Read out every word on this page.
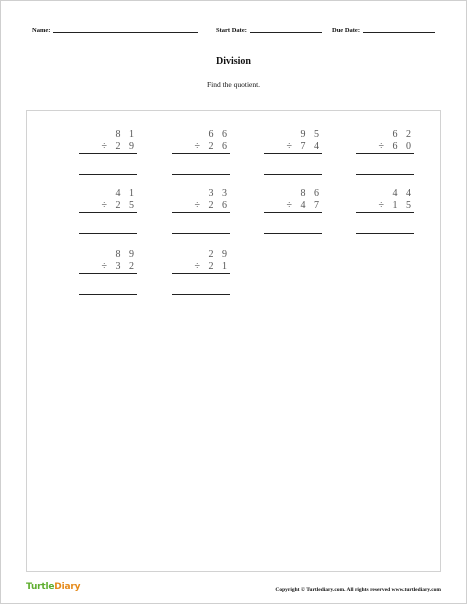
Name:	Start Date:	Due Date:
Division
Find the quotient.
8 1
÷ 2 9
6 6
÷ 2 6
9 5
÷ 7 4
6 2
÷ 6 0
4 1
÷ 2 5
3 3
÷ 2 6
8 6
÷ 4 7
4 4
÷ 1 5
8 9
÷ 3 2
2 9
÷ 2 1
TurtleDiary	Copyright © Turtlediary.com. All rights reserved www.turtlediary.com
